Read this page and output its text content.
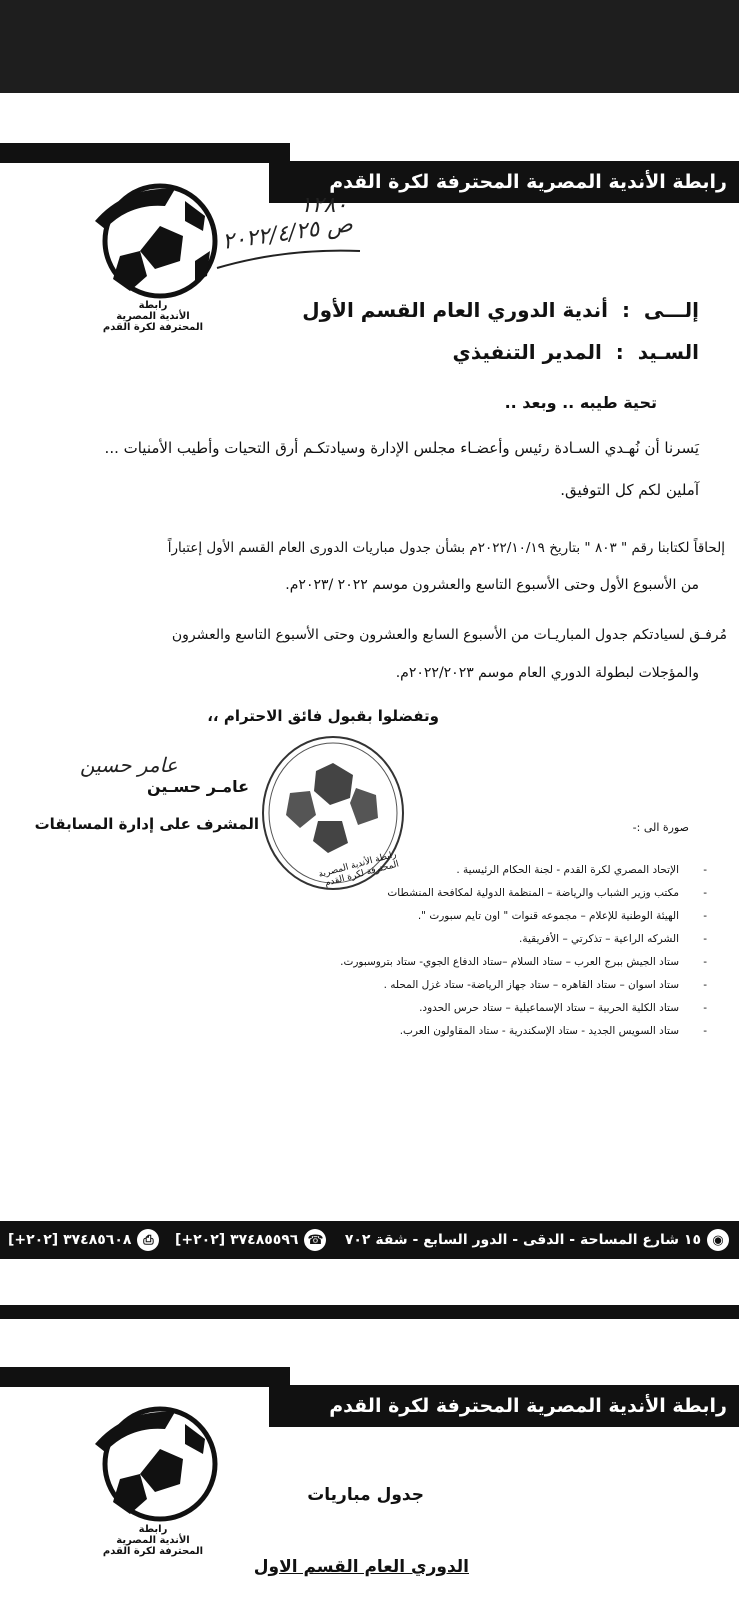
رابطة الأندية المصرية المحترفة لكرة القدم
رابطة
الأندية المصرية
المحترفة لكرة القدم
١٢٨٠
ص ٢٠٢٢/٤/٢٥
إلـــى  :  أندية الدوري العام القسم الأول
السـيد  :  المدير التنفيذي
تحية طيبه .. وبعد ..
يَسرنا أن نُهـدي السـادة رئيس وأعضـاء مجلس الإدارة وسيادتكـم أرق التحيات وأطيب الأمنيات ...
آملين لكم كل التوفيق.
إلحاقاً لكتابنا رقم " ٨٠٣ " بتاريخ ٢٠٢٢/١٠/١٩م بشأن جدول مباريات الدورى العام القسم الأول إعتباراً
من الأسبوع الأول وحتى الأسبوع التاسع والعشرون موسم ٢٠٢٢ /٢٠٢٣م.
مُرفـق لسيادتكم جدول المباريـات من الأسبوع السابع والعشرون وحتى الأسبوع التاسع والعشرون
والمؤجلات لبطولة الدوري العام موسم ٢٠٢٢/٢٠٢٣م.
وتفضلوا بقبول فائق الاحترام ،،
عامر حسين
عامـر حسـين
المشرف على إدارة المسابقات
رابطة الأندية المصرية المحترفة لكرة القدم
صورة الى :-
- الإتحاد المصري لكرة القدم - لجنة الحكام الرئيسية .
- مكتب وزير الشباب والرياضة – المنظمة الدولية لمكافحة المنشطات
- الهيئة الوطنية للإعلام – مجموعه قنوات " اون تايم سبورت ".
- الشركه الراعية – تذكرتي – الأفريقية.
- ستاد الجيش ببرج العرب – ستاد السلام –ستاد الدفاع الجوي- ستاد بتروسبورت.
- ستاد اسوان – ستاد القاهره – ستاد جهاز الرياضة- ستاد غزل المحله .
- ستاد الكلية الحربية – ستاد الإسماعيلية – ستاد حرس الحدود.
- ستاد السويس الجديد - ستاد الإسكندرية - ستاد المقاولون العرب.
◉
١٥ شارع المساحة - الدقى - الدور السابع - شقة ٧٠٢
[+٢٠٢] ٣٧٤٨٥٥٩٦ ☎
[+٢٠٢] ٣٧٤٨٥٦٠٨ ⎙
رابطة الأندية المصرية المحترفة لكرة القدم
رابطة
الأندية المصرية
المحترفة لكرة القدم
جدول مباريات
الدوري العام القسم الاول
